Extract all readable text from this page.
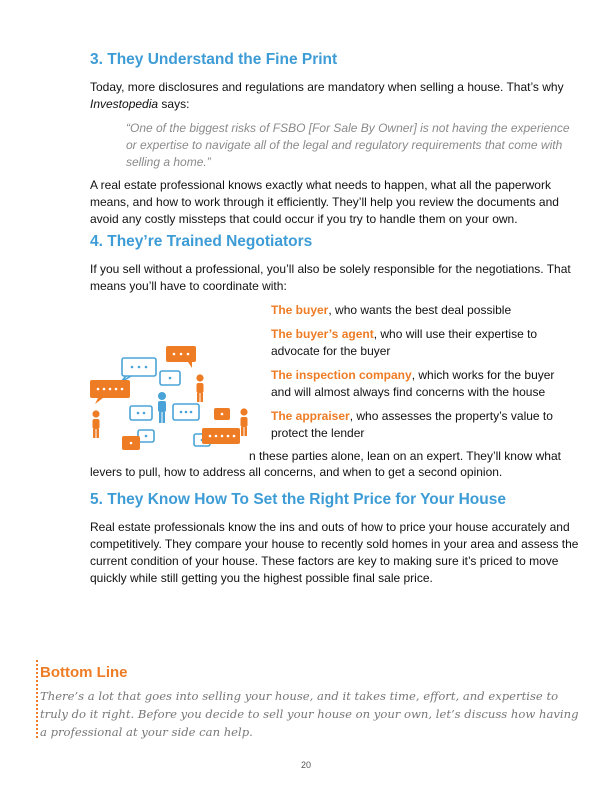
3. They Understand the Fine Print

Today, more disclosures and regulations are mandatory when selling a house. That’s why Investopedia says:

“One of the biggest risks of FSBO [For Sale By Owner] is not having the experience or expertise to navigate all of the legal and regulatory requirements that come with selling a home.”

A real estate professional knows exactly what needs to happen, what all the paperwork means, and how to work through it efficiently. They’ll help you review the documents and avoid any costly missteps that could occur if you try to handle them on your own.

4. They’re Trained Negotiators

If you sell without a professional, you’ll also be solely responsible for the negotiations. That means you’ll have to coordinate with:

The buyer, who wants the best deal possible

The buyer’s agent, who will use their expertise to advocate for the buyer

The inspection company, which works for the buyer and will almost always find concerns with the house

The appraiser, who assesses the property’s value to protect the lender

n these parties alone, lean on an expert. They’ll know what

levers to pull, how to address all concerns, and when to get a second opinion.

5. They Know How To Set the Right Price for Your House

Real estate professionals know the ins and outs of how to price your house accurately and competitively. They compare your house to recently sold homes in your area and assess the current condition of your house. These factors are key to making sure it’s priced to move quickly while still getting you the highest possible final sale price.

Bottom Line

There’s a lot that goes into selling your house, and it takes time, effort, and expertise to truly do it right. Before you decide to sell your house on your own, let’s discuss how having a professional at your side can help.

20
